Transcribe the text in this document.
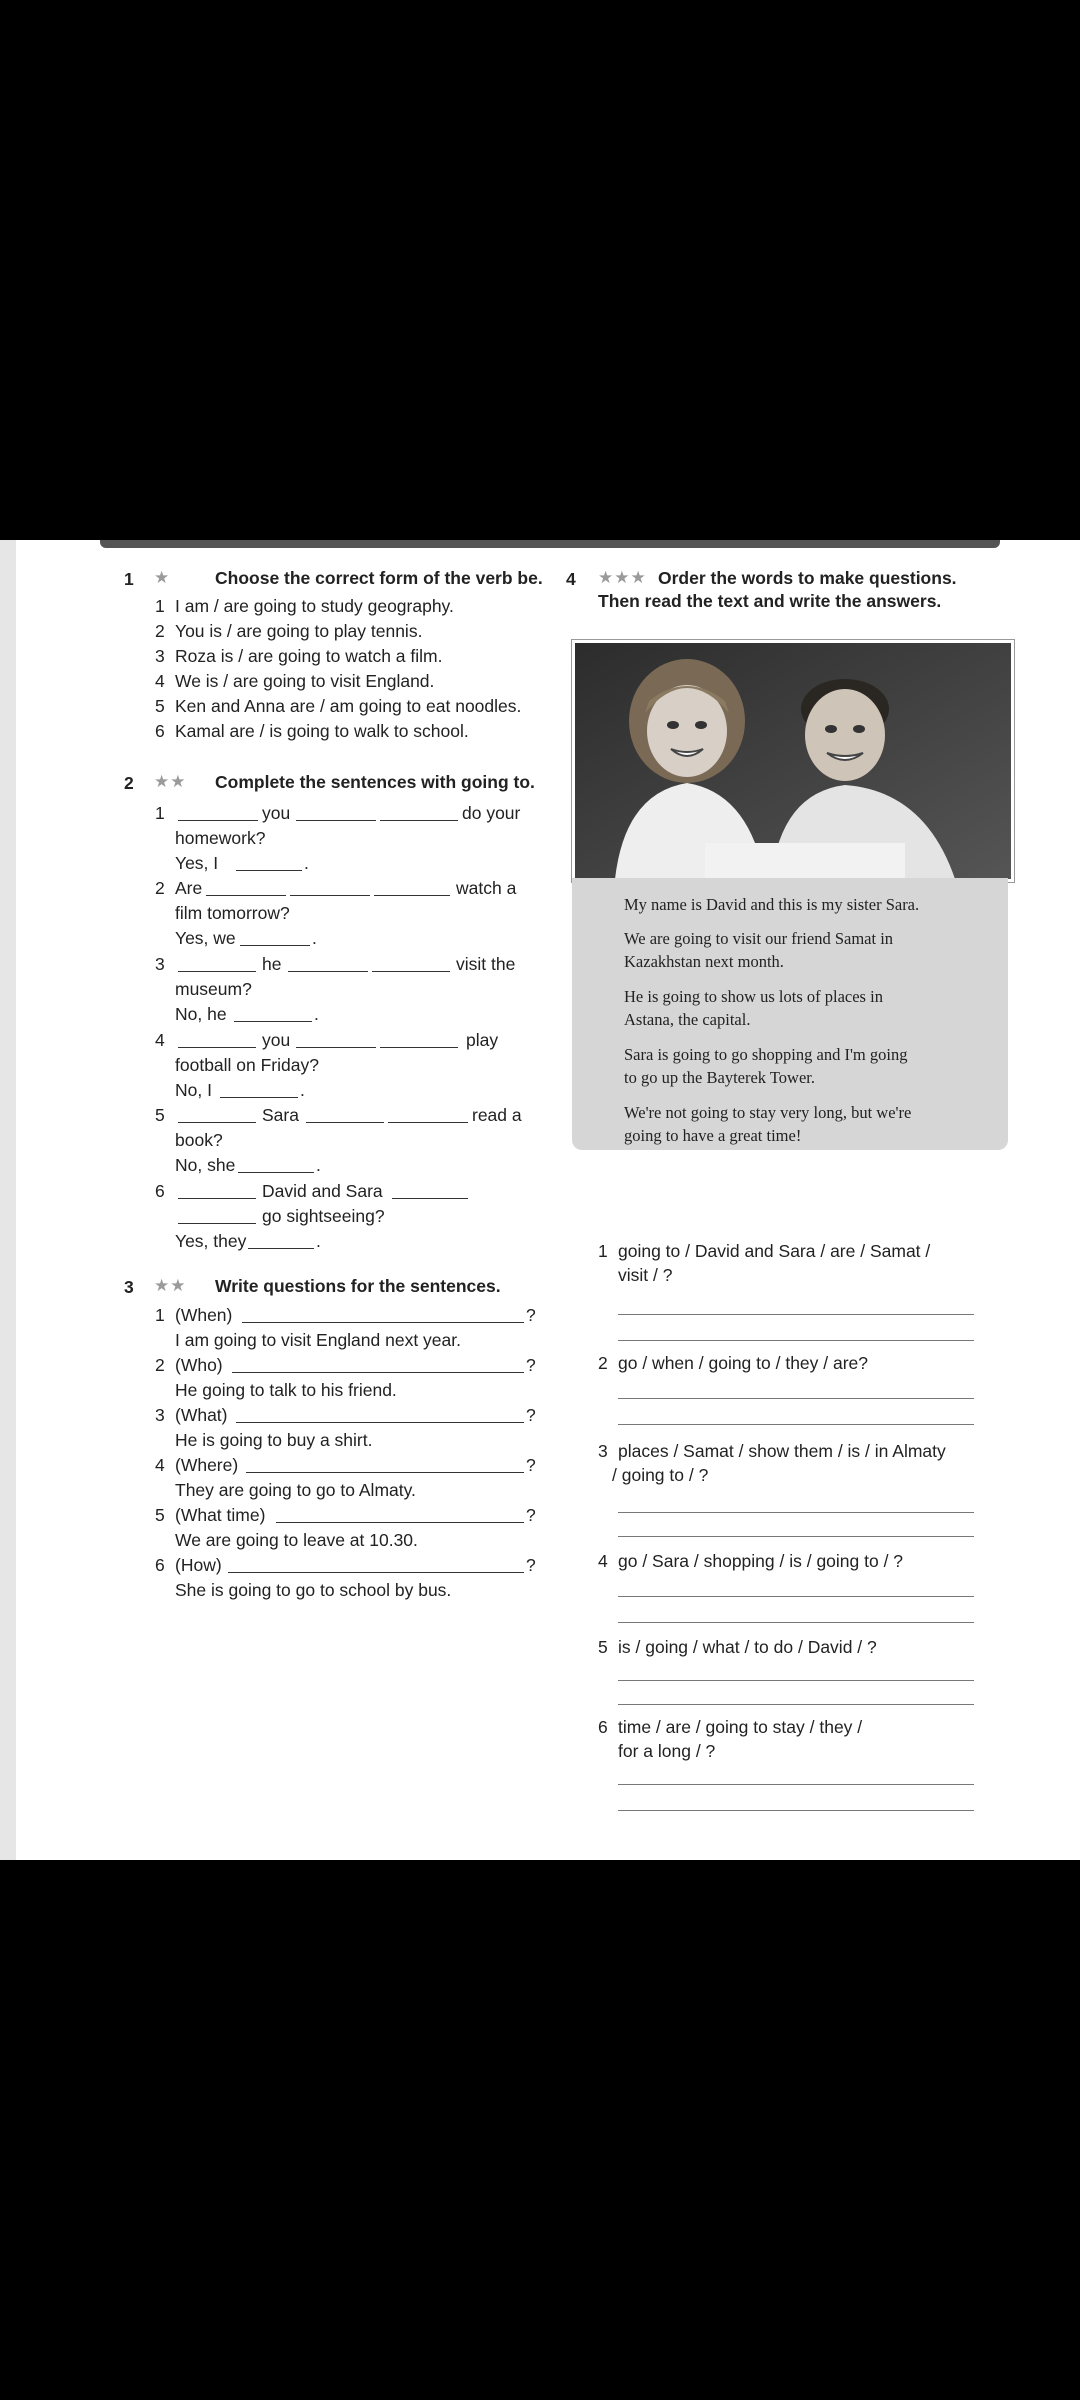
1 ★	Choose the correct form of the verb be.
1 I am / are going to study geography.
2 You is / are going to play tennis.
3 Roza is / are going to watch a film.
4 We is / are going to visit England.
5 Ken and Anna are / am going to eat noodles.
6 Kamal are / is going to walk to school.
2 ★★ Complete the sentences with going to.
1	you	do your
homework?
Yes, I	.
2 Are	watch a
film tomorrow?
Yes, we	.
3	he	visit the
museum?
No, he	.
4	you	play
football on Friday?
No, I	.
5	Sara	read a
book?
No, she	.
6	David and Sara
go sightseeing?
Yes, they	.
3 ★★ Write questions for the sentences.
1 (When)	?
I am going to visit England next year.
2 (Who)	?
He going to talk to his friend.
3 (What)	?
He is going to buy a shirt.
4 (Where)	?
They are going to go to Almaty.
5 (What time)	?
We are going to leave at 10.30.
6 (How)	?
She is going to go to school by bus.
4 ★★★ Order the words to make questions.
Then read the text and write the answers.

My name is David and this is my sister Sara.

We are going to visit our friend Samat in

Kazakhstan next month.

He is going to show us lots of places in

Astana, the capital.

Sara is going to go shopping and I'm going

to go up the Bayterek Tower.

We're not going to stay very long, but we're

going to have a great time!

1 going to / David and Sara / are / Samat /
visit / ?
2 go / when / going to / they / are?
3 places / Samat / show them / is / in Almaty
/ going to / ?
4 go / Sara / shopping / is / going to / ?
5 is / going / what / to do / David / ?
6 time / are / going to stay / they /
for a long / ?
